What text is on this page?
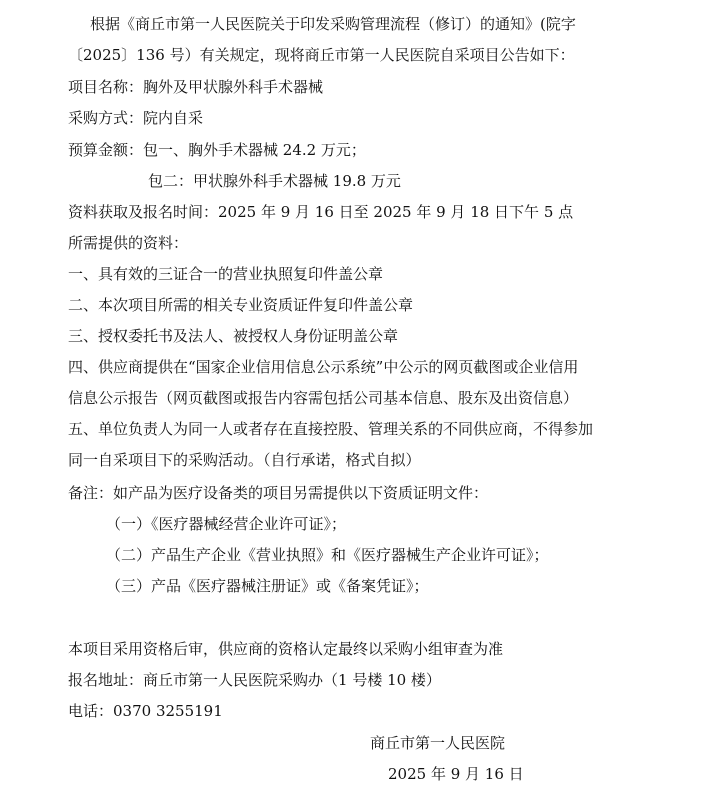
根据《商丘市第一人民医院关于印发采购管理流程（修订）的通知》(院字
〔2025〕136 号）有关规定，现将商丘市第一人民医院自采项目公告如下：
项目名称：胸外及甲状腺外科手术器械
采购方式：院内自采
预算金额：包一、胸外手术器械 24.2 万元；
包二：甲状腺外科手术器械 19.8 万元
资料获取及报名时间：2025 年 9 月 16 日至 2025 年 9 月 18 日下午 5 点
所需提供的资料：
一、具有效的三证合一的营业执照复印件盖公章
二、本次项目所需的相关专业资质证件复印件盖公章
三、授权委托书及法人、被授权人身份证明盖公章
四、供应商提供在“国家企业信用信息公示系统”中公示的网页截图或企业信用
信息公示报告（网页截图或报告内容需包括公司基本信息、股东及出资信息）
五、单位负责人为同一人或者存在直接控股、管理关系的不同供应商，不得参加
同一自采项目下的采购活动。（自行承诺，格式自拟）
备注：如产品为医疗设备类的项目另需提供以下资质证明文件：
（一）《医疗器械经营企业许可证》；
（二）产品生产企业《营业执照》和《医疗器械生产企业许可证》；
（三）产品《医疗器械注册证》或《备案凭证》；
本项目采用资格后审，供应商的资格认定最终以采购小组审查为准
报名地址：商丘市第一人民医院采购办（1 号楼 10 楼）
电话：0370 3255191
商丘市第一人民医院
2025 年 9 月 16 日
